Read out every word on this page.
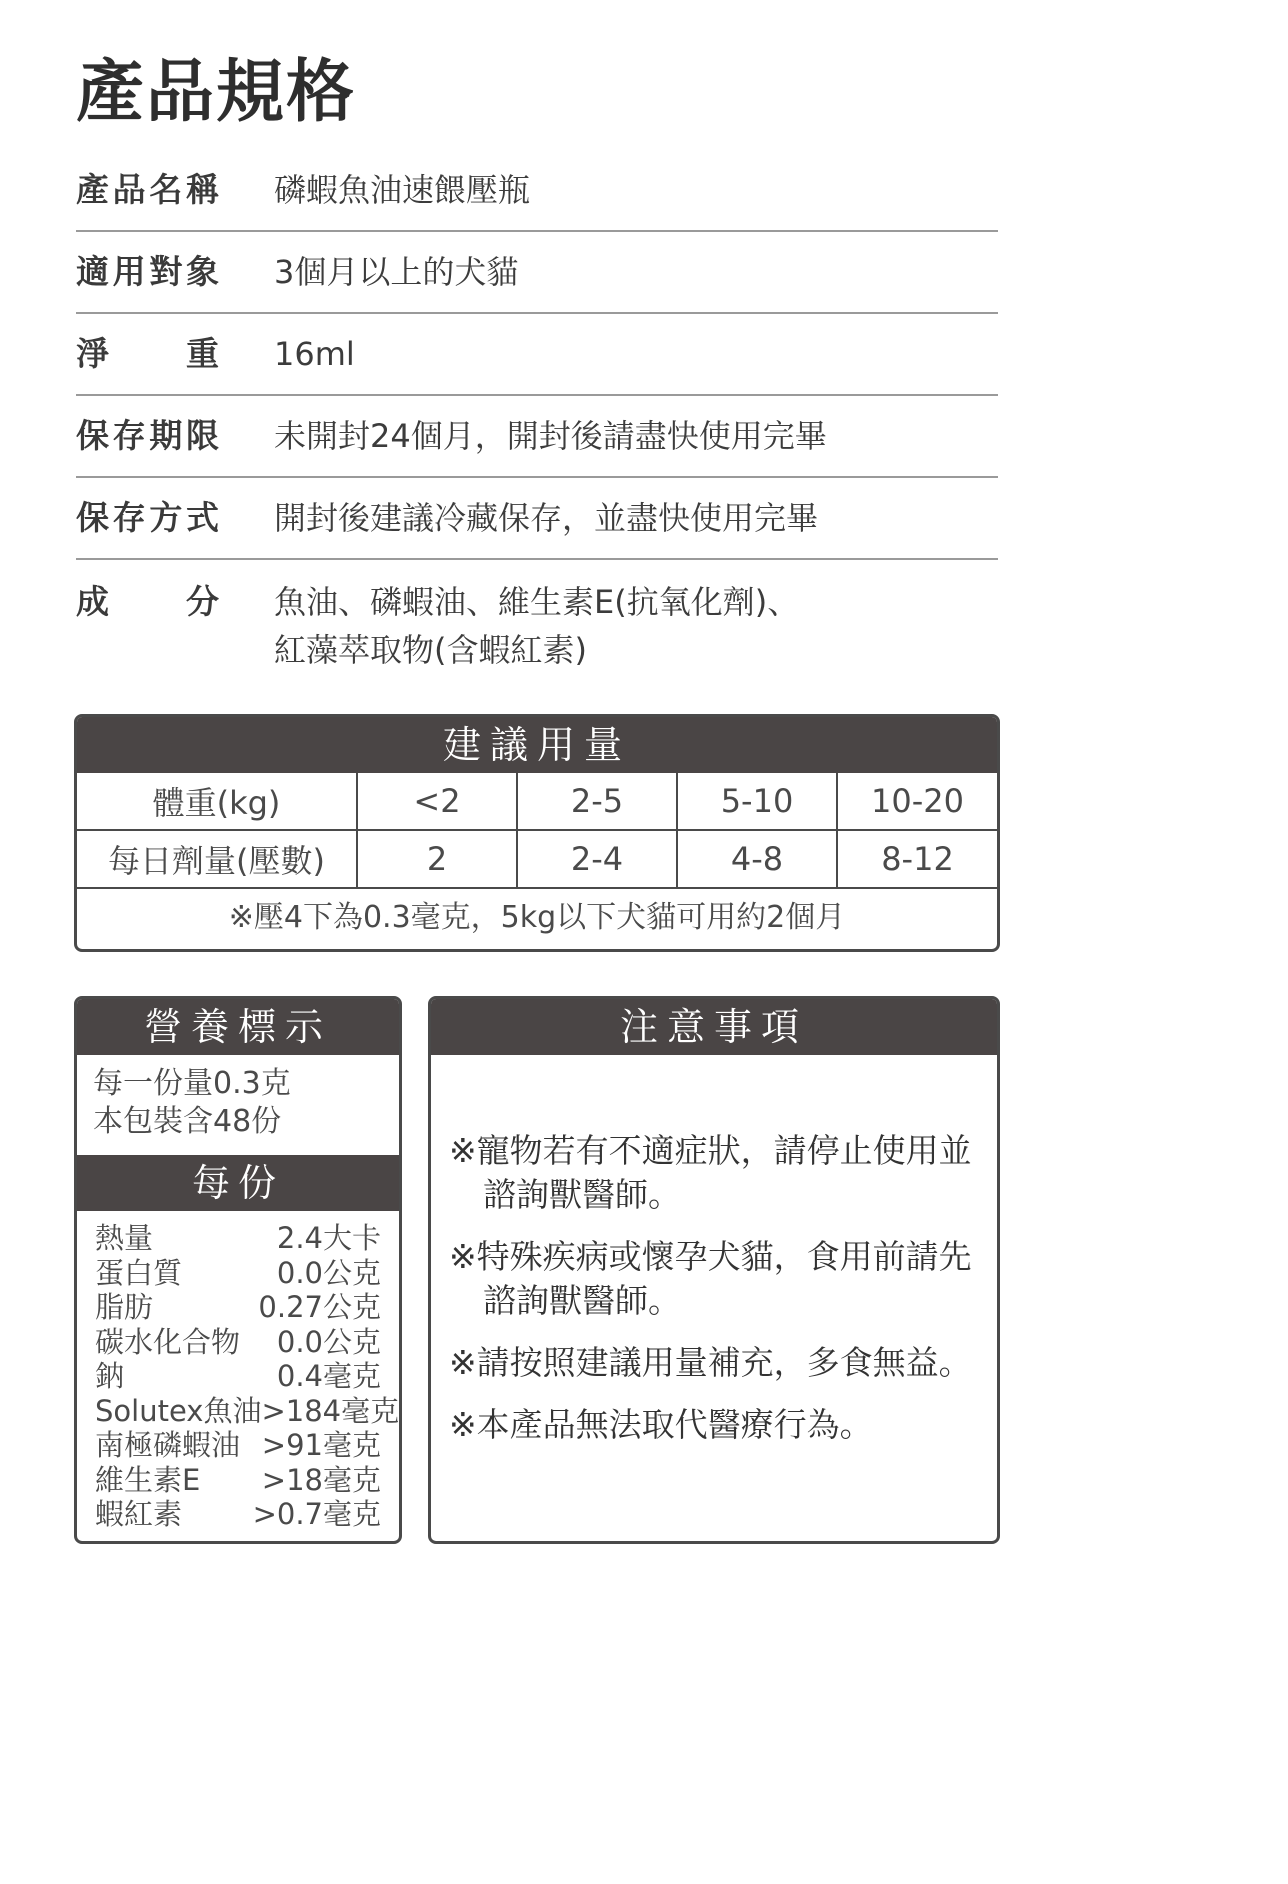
產品規格
產品名稱 磷蝦魚油速餵壓瓶
適用對象 3個月以上的犬貓
淨　重 16ml
保存期限 未開封24個月，開封後請盡快使用完畢
保存方式 開封後建議冷藏保存，並盡快使用完畢
成　分 魚油、磷蝦油、維生素E(抗氧化劑)、
紅藻萃取物(含蝦紅素)
建議用量
體重(kg)	<2	2-5	5-10	10-20
每日劑量(壓數)	2	2-4	4-8	8-12
※壓4下為0.3毫克，5kg以下犬貓可用約2個月
營養標示
每一份量0.3克
本包裝含48份
每份
熱量	2.4大卡
蛋白質	0.0公克
脂肪	0.27公克
碳水化合物 0.0公克
鈉	0.4毫克
Solutex魚油 >184毫克
南極磷蝦油 >91毫克
維生素E >18毫克
蝦紅素 >0.7毫克
注意事項
※寵物若有不適症狀，請停止使用並諮詢獸醫師。
※特殊疾病或懷孕犬貓，食用前請先諮詢獸醫師。
※請按照建議用量補充，多食無益。
※本產品無法取代醫療行為。
